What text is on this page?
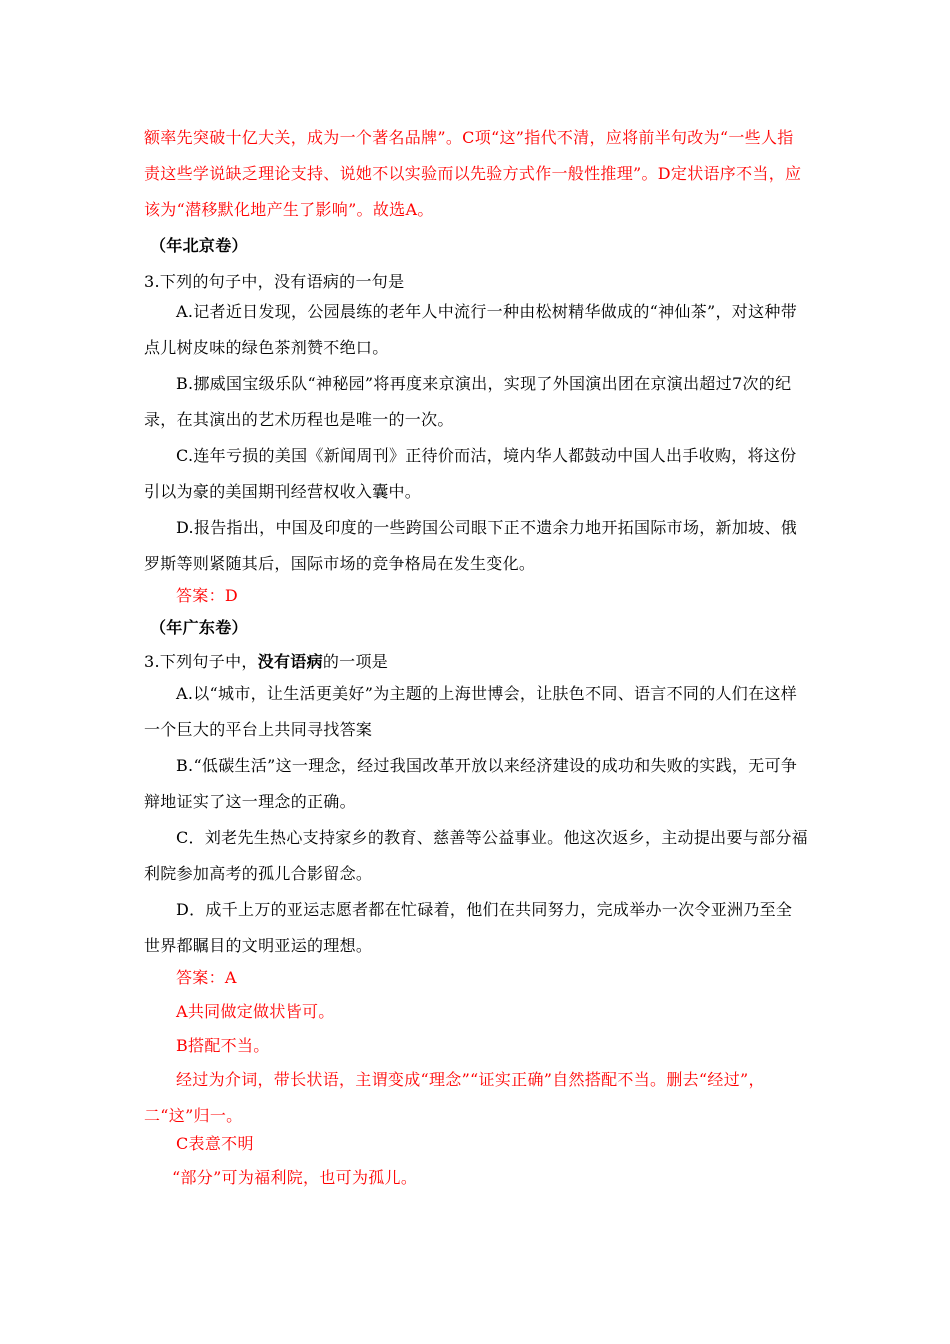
额率先突破十亿大关，成为一个著名品牌”。C项“这”指代不清，应将前半句改为“一些人指责这些学说缺乏理论支持、说她不以实验而以先验方式作一般性推理”。D定状语序不当，应该为“潜移默化地产生了影响”。故选A。

（年北京卷）

3.下列的句子中，没有语病的一句是

A.记者近日发现，公园晨练的老年人中流行一种由松树精华做成的“神仙茶”，对这种带点儿树皮味的绿色茶剂赞不绝口。

B.挪威国宝级乐队“神秘园”将再度来京演出，实现了外国演出团在京演出超过7次的纪录，在其演出的艺术历程也是唯一的一次。

C.连年亏损的美国《新闻周刊》正待价而沽，境内华人都鼓动中国人出手收购，将这份引以为豪的美国期刊经营权收入囊中。

D.报告指出，中国及印度的一些跨国公司眼下正不遗余力地开拓国际市场，新加坡、俄罗斯等则紧随其后，国际市场的竞争格局在发生变化。

答案：D

（年广东卷）

3.下列句子中，没有语病的一项是

A.以“城市，让生活更美好”为主题的上海世博会，让肤色不同、语言不同的人们在这样一个巨大的平台上共同寻找答案

B.“低碳生活”这一理念，经过我国改革开放以来经济建设的成功和失败的实践，无可争辩地证实了这一理念的正确。

C．刘老先生热心支持家乡的教育、慈善等公益事业。他这次返乡，主动提出要与部分福利院参加高考的孤儿合影留念。

D．成千上万的亚运志愿者都在忙碌着，他们在共同努力，完成举办一次令亚洲乃至全世界都瞩目的文明亚运的理想。

答案：A

A共同做定做状皆可。

B搭配不当。

经过为介词，带长状语，主谓变成“理念”“证实正确”自然搭配不当。删去“经过”，二“这”归一。

C表意不明

“部分”可为福利院，也可为孤儿。
